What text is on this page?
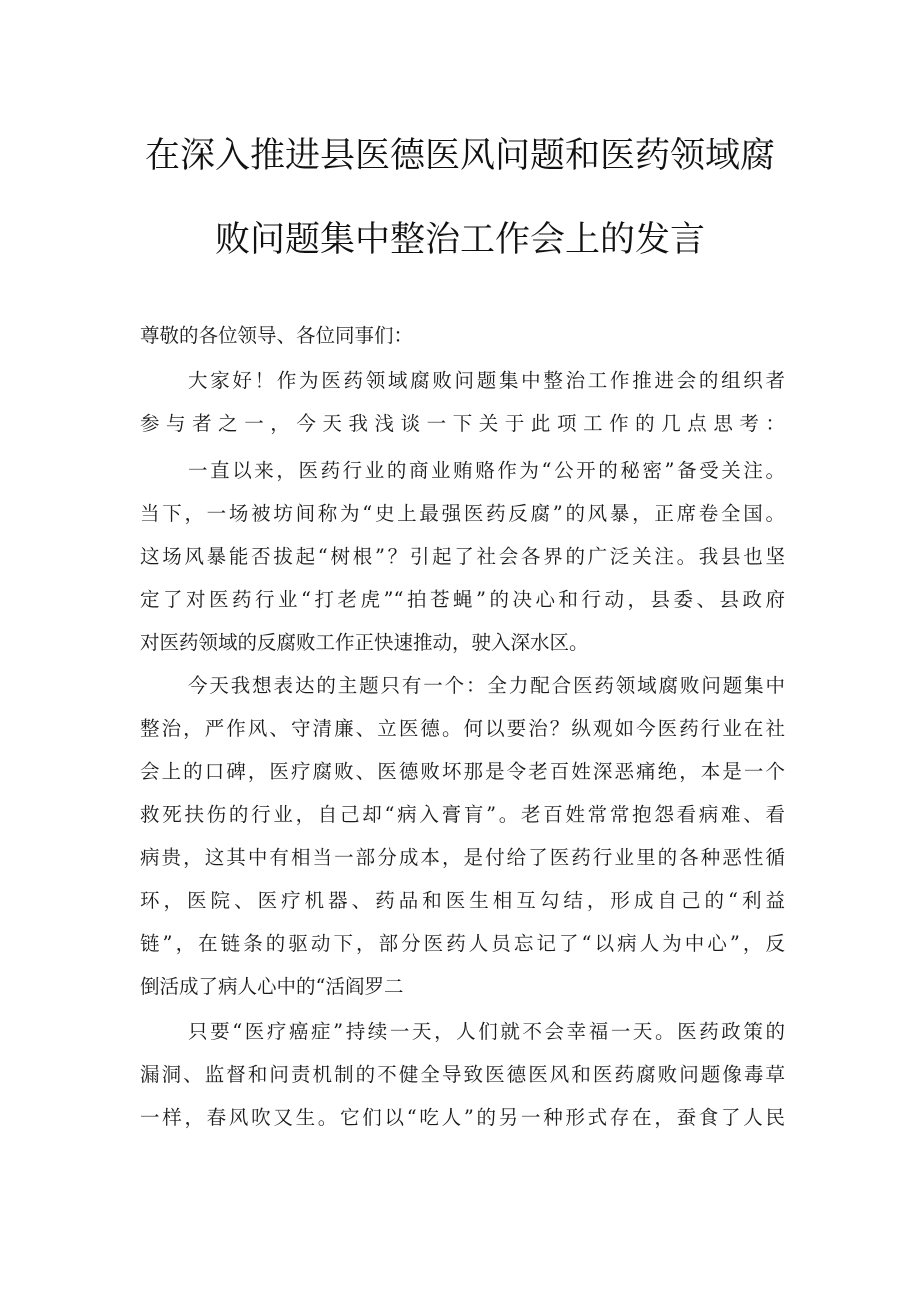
在深入推进县医德医风问题和医药领域腐
败问题集中整治工作会上的发言
尊敬的各位领导、各位同事们：
大家好！作为医药领域腐败问题集中整治工作推进会的组织者
参与者之一，今天我浅谈一下关于此项工作的几点思考：
一直以来，医药行业的商业贿赂作为“公开的秘密”备受关注。
当下，一场被坊间称为“史上最强医药反腐”的风暴，正席卷全国。
这场风暴能否拔起“树根”？引起了社会各界的广泛关注。我县也坚
定了对医药行业“打老虎”“拍苍蝇”的决心和行动，县委、县政府
对医药领域的反腐败工作正快速推动，驶入深水区。
今天我想表达的主题只有一个：全力配合医药领域腐败问题集中
整治，严作风、守清廉、立医德。何以要治？纵观如今医药行业在社
会上的口碑，医疗腐败、医德败坏那是令老百姓深恶痛绝，本是一个
救死扶伤的行业，自己却“病入膏肓”。老百姓常常抱怨看病难、看
病贵，这其中有相当一部分成本，是付给了医药行业里的各种恶性循
环，医院、医疗机器、药品和医生相互勾结，形成自己的“利益
链”，在链条的驱动下，部分医药人员忘记了“以病人为中心”，反
倒活成了病人心中的“活阎罗二
只要“医疗癌症”持续一天，人们就不会幸福一天。医药政策的
漏洞、监督和问责机制的不健全导致医德医风和医药腐败问题像毒草
一样，春风吹又生。它们以“吃人”的另一种形式存在，蚕食了人民
